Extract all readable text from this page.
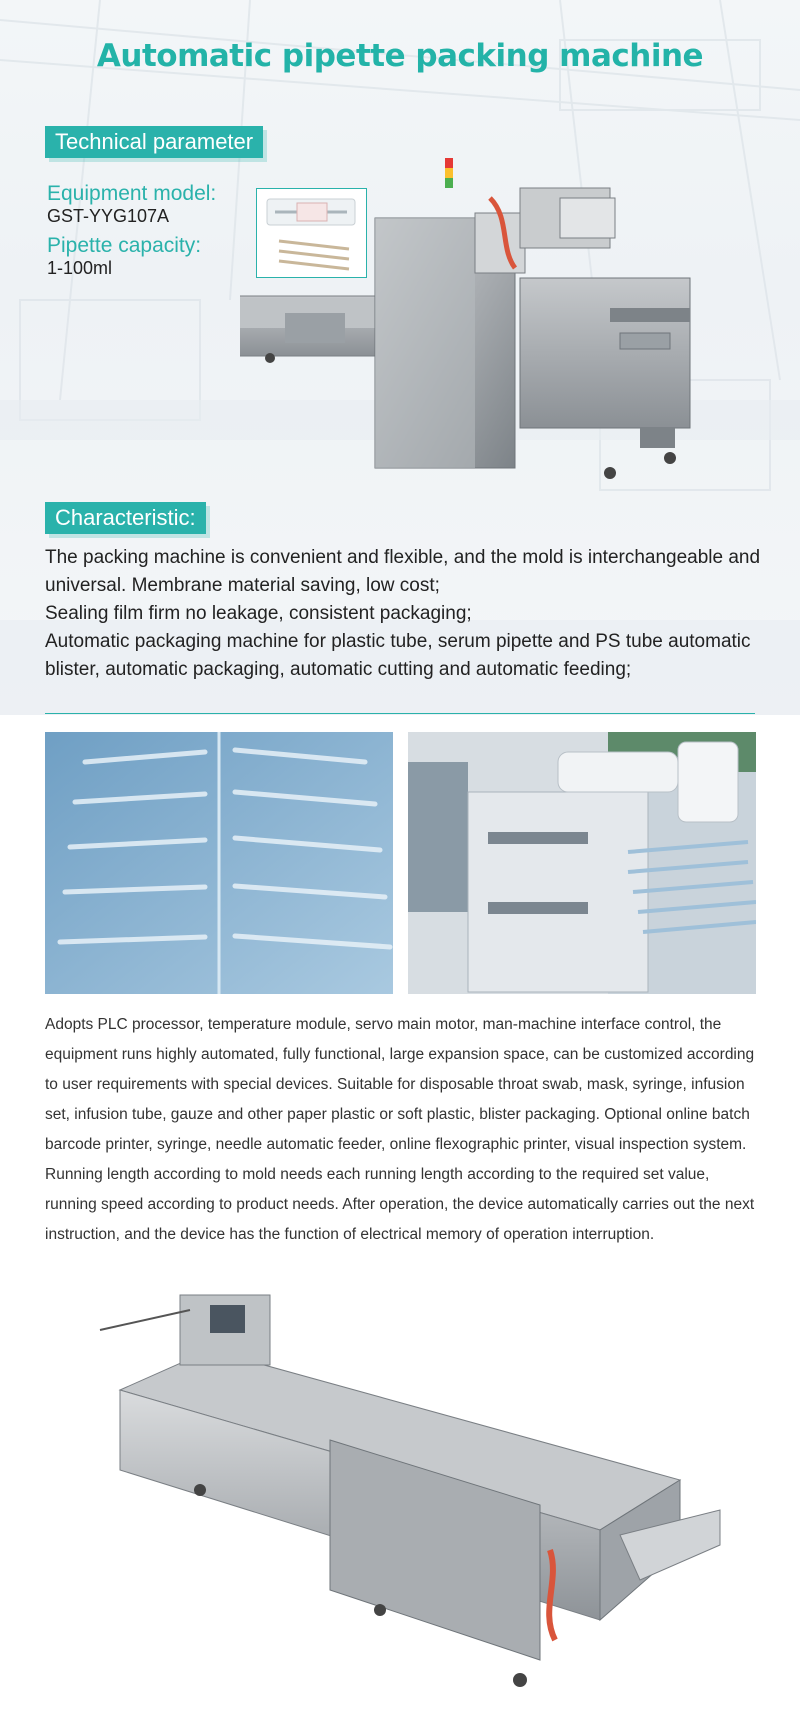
Automatic pipette packing machine
Technical parameter
Equipment model:
GST-YYG107A
Pipette capacity:
1-100ml
Characteristic:

The packing machine is convenient and flexible, and the mold is interchangeable and universal. Membrane material saving, low cost;

Sealing film firm no leakage, consistent packaging;

Automatic packaging machine for plastic tube, serum pipette and PS tube automatic blister, automatic packaging, automatic cutting and automatic feeding;

Adopts PLC processor, temperature module, servo main motor, man-machine interface control, the equipment runs highly automated, fully functional, large expansion space, can be customized according to user requirements with special devices. Suitable for disposable throat swab, mask, syringe, infusion set, infusion tube, gauze and other paper plastic or soft plastic, blister packaging. Optional online batch barcode printer, syringe, needle automatic feeder, online flexographic printer, visual inspection system. Running length according to mold needs each running length according to the required set value, running speed according to product needs. After operation, the device automatically carries out the next instruction, and the device has the function of electrical memory of operation interruption.
